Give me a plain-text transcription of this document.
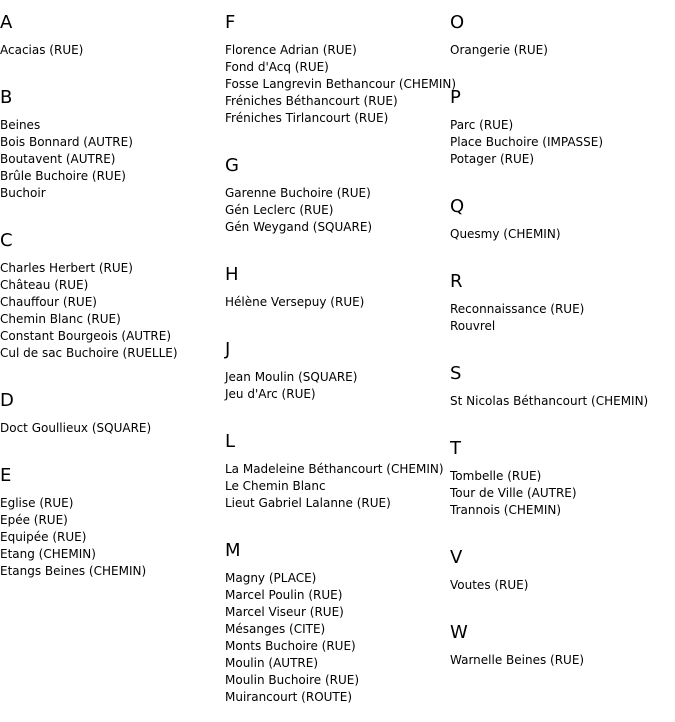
A
Acacias (RUE)
B
Beines
Bois Bonnard (AUTRE)
Boutavent (AUTRE)
Brûle Buchoire (RUE)
Buchoir
C
Charles Herbert (RUE)
Château (RUE)
Chauffour (RUE)
Chemin Blanc (RUE)
Constant Bourgeois (AUTRE)
Cul de sac Buchoire (RUELLE)
D
Doct Goullieux (SQUARE)
E
Eglise (RUE)
Epée (RUE)
Equipée (RUE)
Etang (CHEMIN)
Etangs Beines (CHEMIN)
F
Florence Adrian (RUE)
Fond d'Acq (RUE)
Fosse Langrevin Bethancour (CHEMIN)
Fréniches Béthancourt (RUE)
Fréniches Tirlancourt (RUE)
G
Garenne Buchoire (RUE)
Gén Leclerc (RUE)
Gén Weygand (SQUARE)
H
Hélène Versepuy (RUE)
J
Jean Moulin (SQUARE)
Jeu d'Arc (RUE)
L
La Madeleine Béthancourt (CHEMIN)
Le Chemin Blanc
Lieut Gabriel Lalanne (RUE)
M
Magny (PLACE)
Marcel Poulin (RUE)
Marcel Viseur (RUE)
Mésanges (CITE)
Monts Buchoire (RUE)
Moulin (AUTRE)
Moulin Buchoire (RUE)
Muirancourt (ROUTE)
O
Orangerie (RUE)
P
Parc (RUE)
Place Buchoire (IMPASSE)
Potager (RUE)
Q
Quesmy (CHEMIN)
R
Reconnaissance (RUE)
Rouvrel
S
St Nicolas Béthancourt (CHEMIN)
T
Tombelle (RUE)
Tour de Ville (AUTRE)
Trannois (CHEMIN)
V
Voutes (RUE)
W
Warnelle Beines (RUE)
